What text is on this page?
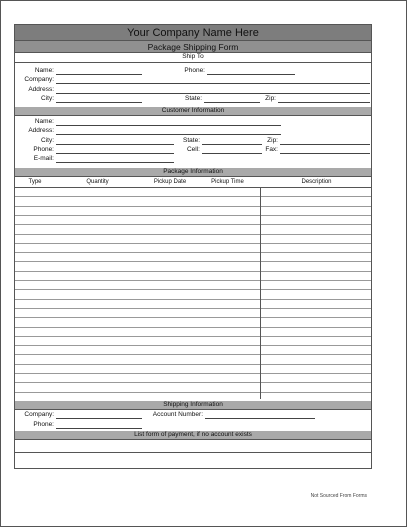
Your Company Name Here
Package Shipping Form
Ship To
Name:	Phone:
Company:
Address:
City:	State:	Zip:
Customer Information
Name:
Address:
City:	State:	Zip:
Phone:	Cell:	Fax:
E-mail:
Package Information
Type	Quantity	Pickup Date	Pickup Time	Description
Shipping Information
Company:	Account Number:
Phone:
List form of payment, if no account exists
Not Sourced From Forms
